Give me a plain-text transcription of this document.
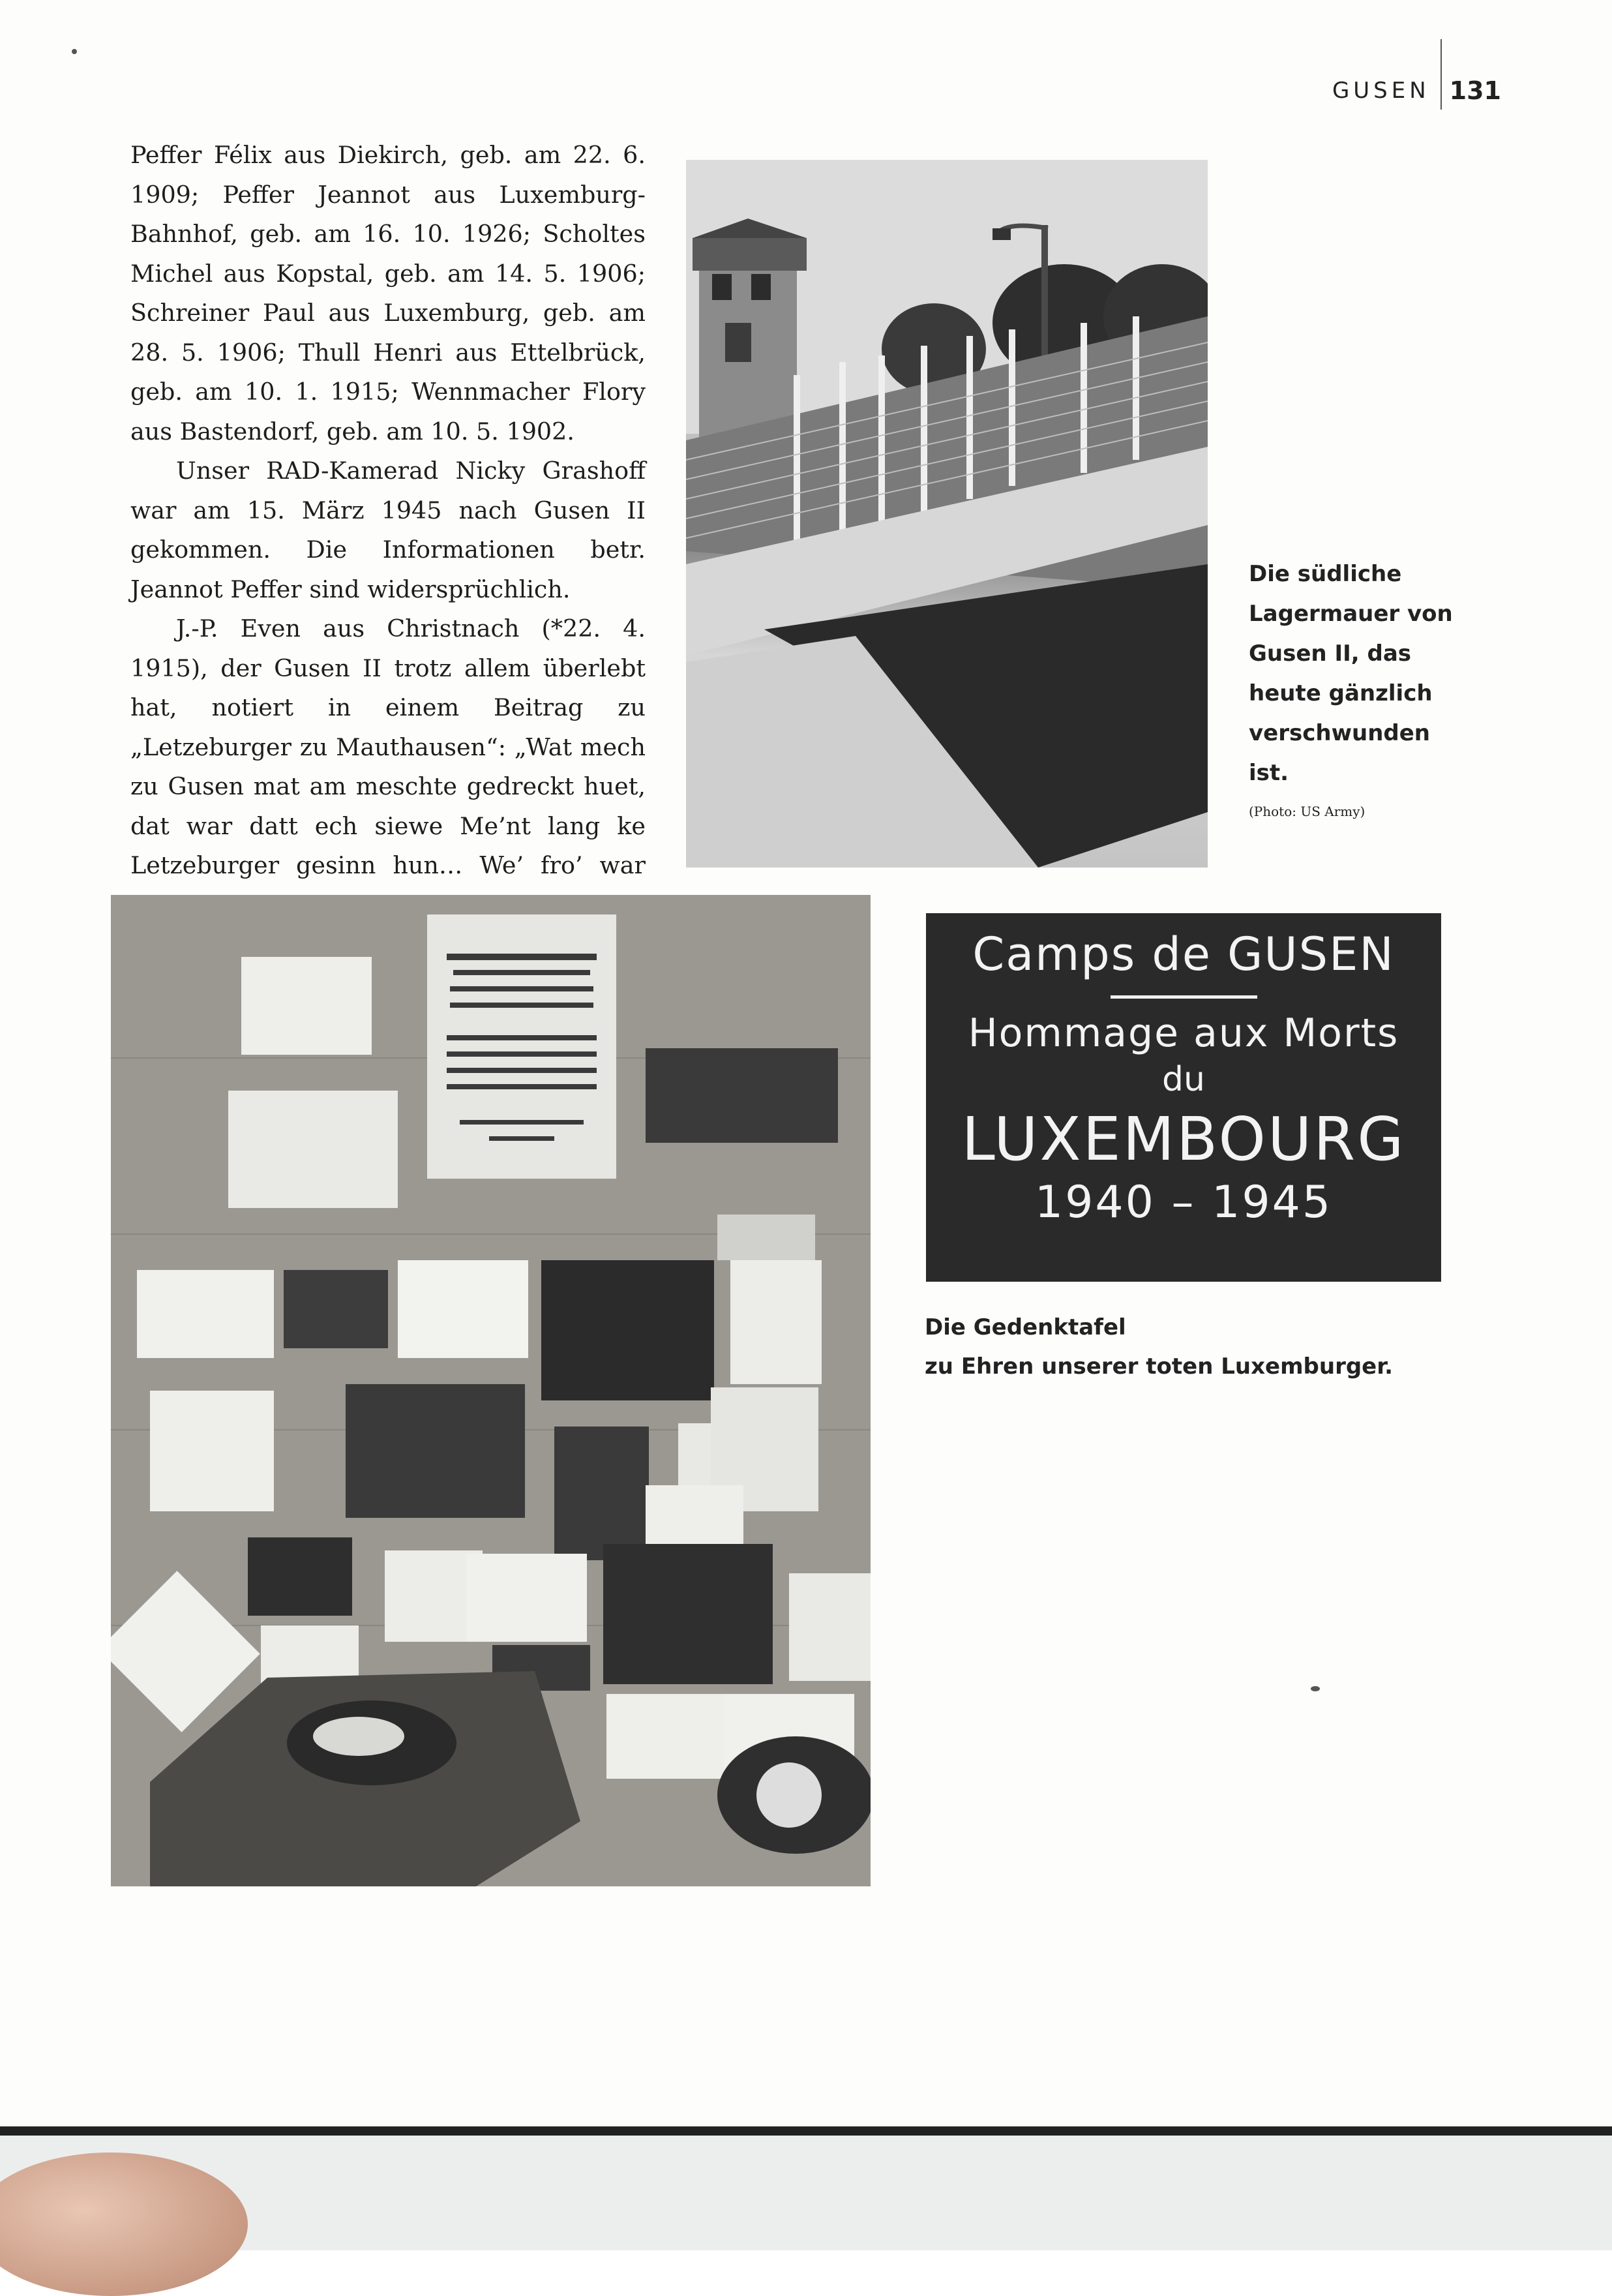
GUSEN 131

Peffer Félix aus Diekirch, geb. am 22. 6. 1909; Peffer Jeannot aus Luxemburg-Bahnhof, geb. am 16. 10. 1926; Scholtes Michel aus Kopstal, geb. am 14. 5. 1906; Schreiner Paul aus Luxemburg, geb. am 28. 5. 1906; Thull Henri aus Ettelbrück, geb. am 10. 1. 1915; Wennmacher Flory aus Bastendorf, geb. am 10. 5. 1902.

Unser RAD-Kamerad Nicky Grashoff war am 15. März 1945 nach Gusen II gekommen. Die Informationen betr. Jeannot Peffer sind widersprüchlich.

J.-P. Even aus Christnach (*22. 4. 1915), der Gusen II trotz allem überlebt hat, notiert in einem Beitrag zu „Letzeburger zu Mauthausen“: „Wat mech zu Gusen mat am meschte gedreckt huet, dat war datt ech siewe Me’nt lang ke Letzeburger gesinn hun… We’ fro’ war

Die südliche Lagermauer von Gusen II, das heute gänzlich verschwunden ist.
(Photo: US Army)
Camps de GUSEN
Hommage aux Morts
du
LUXEMBOURG
1940 – 1945
Die Gedenktafel
zu Ehren unserer toten Luxemburger.
